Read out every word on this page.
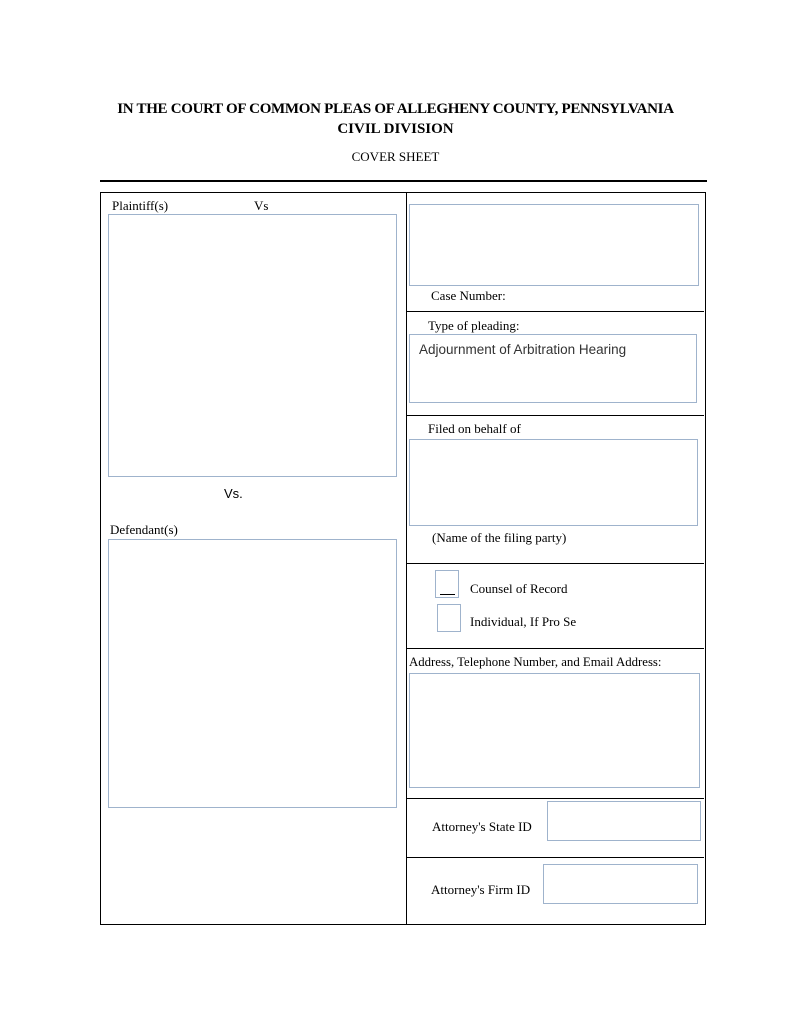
IN THE COURT OF COMMON PLEAS OF ALLEGHENY COUNTY, PENNSYLVANIA
CIVIL DIVISION
COVER SHEET
Plaintiff(s)	Vs
Vs.
Defendant(s)
Case Number:
Type of pleading:
Adjournment of Arbitration Hearing
Filed on behalf of
(Name of the filing party)
Counsel of Record
Individual, If Pro Se
Address, Telephone Number, and Email Address:
Attorney's State ID
Attorney's Firm ID
